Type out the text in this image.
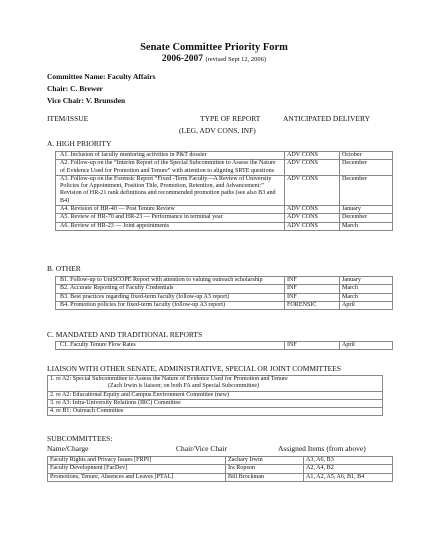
Senate Committee Priority Form
2006-2007 (revised Sept 12, 2006)
Committee Name: Faculty Affairs
Chair: C. Brewer
Vice Chair: V. Brunsden
ITEM/ISSUE	TYPE OF REPORT	ANTICIPATED DELIVERY
(LEG, ADV CONS, INF)
A. HIGH PRIORITY
A1. Inclusion of faculty mentoring activities in P&T dossier	ADV CONS	October
A2. Follow-up on the “Interim Report of the Special Subcommittee to Assess the Nature of Evidence Used for Promotion and Tenure” with attention to aligning SRTE questions	ADV CONS	December
A3. Follow-up on the Forensic Report “Fixed -Term Faculty—A Review of University Policies for Appointment, Position Title, Promotion, Retention, and Advancement:” Revision of HR-21 rank definitions and recommended promotion paths (see also B3 and B4)	ADV CONS	December
A4. Revision of HR-40 — Post Tenure Review	ADV CONS	January
A5. Review of HR-70 and HR-23 — Performance in terminal year	ADV CONS	December
A6. Review of HR-23 — Joint appointments	ADV CONS	March
B. OTHER
B1. Follow-up to UniSCOPE Report with attention to valuing outreach scholarship	INF	January
B2. Accurate Reporting of Faculty Credentials	INF	March
B3. Best practices regarding fixed-term faculty (follow-up A3 report)	INF	March
B4. Promotion policies for fixed-term faculty (follow-up A3 report)	FORENSIC	April
C. MANDATED AND TRADITIONAL REPORTS
C1. Faculty Tenure Flow Rates	INF	April
LIAISON WITH OTHER SENATE, ADMINISTRATIVE, SPECIAL OR JOINT COMMITTEES
1. re A2: Special Subcommittee to Assess the Nature of Evidence Used for Promotion and Tenure
(Zach Irwin is liaison; on both FA and Special Subcommittee)

2. re A2: Educational Equity and Campus Environment Committee (new)
3. re A3: Intra-University Relations (IRC) Committee
4. re B1: Outreach Committee
SUBCOMMITTEES:
Name/Charge	Chair/Vice Chair	Assigned Items (from above)
Faculty Rights and Privacy Issues [FRPI]	Zachary Irwin	A3, A6, B3
Faculty Development [FacDev]	Ira Ropson	A2, A4, B2
Promotions, Tenure, Absences and Leaves [PTAL]	Bill Brockman	A1, A2, A5, A6, B1, B4
